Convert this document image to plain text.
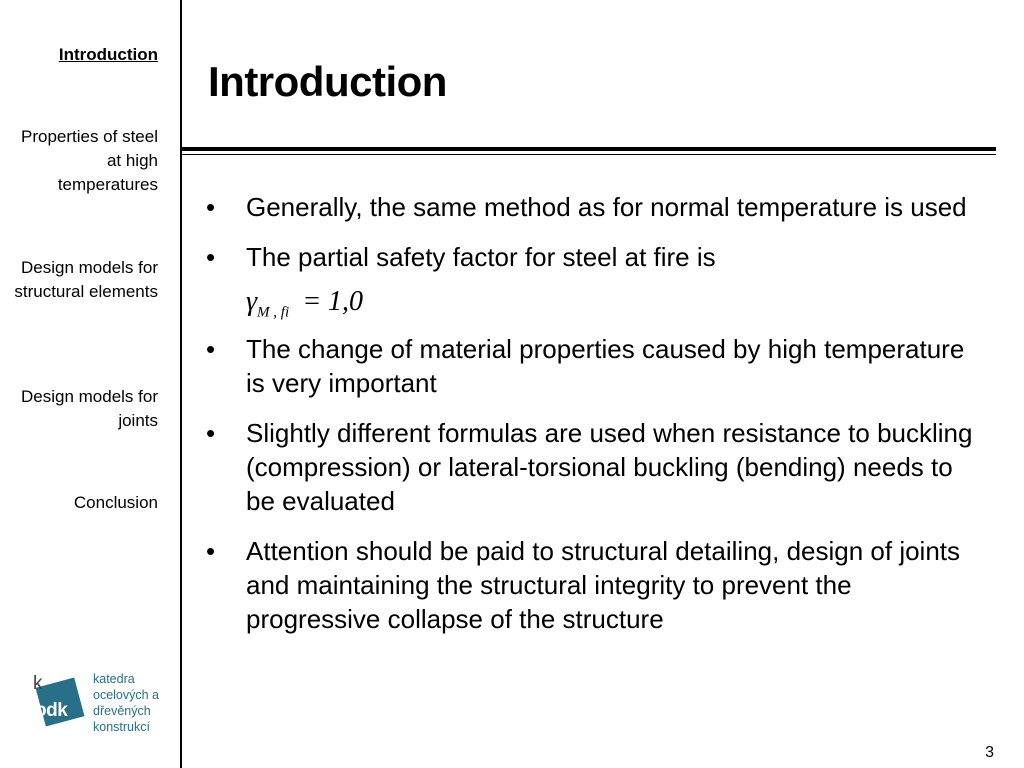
Introduction
Properties of steel at high temperatures
Design models for structural elements
Design models for joints
Conclusion
k
odk
katedra
ocelových a
dřevěných
konstrukcí
Introduction
• Generally, the same method as for normal temperature is used
• The partial safety factor for steel at fire is
$\gamma_{M , fi} = 1,0$
• The change of material properties caused by high temperature is very important
• Slightly different formulas are used when resistance to buckling (compression) or lateral-torsional buckling (bending) needs to be evaluated
• Attention should be paid to structural detailing, design of joints and maintaining the structural integrity to prevent the progressive collapse of the structure
3
